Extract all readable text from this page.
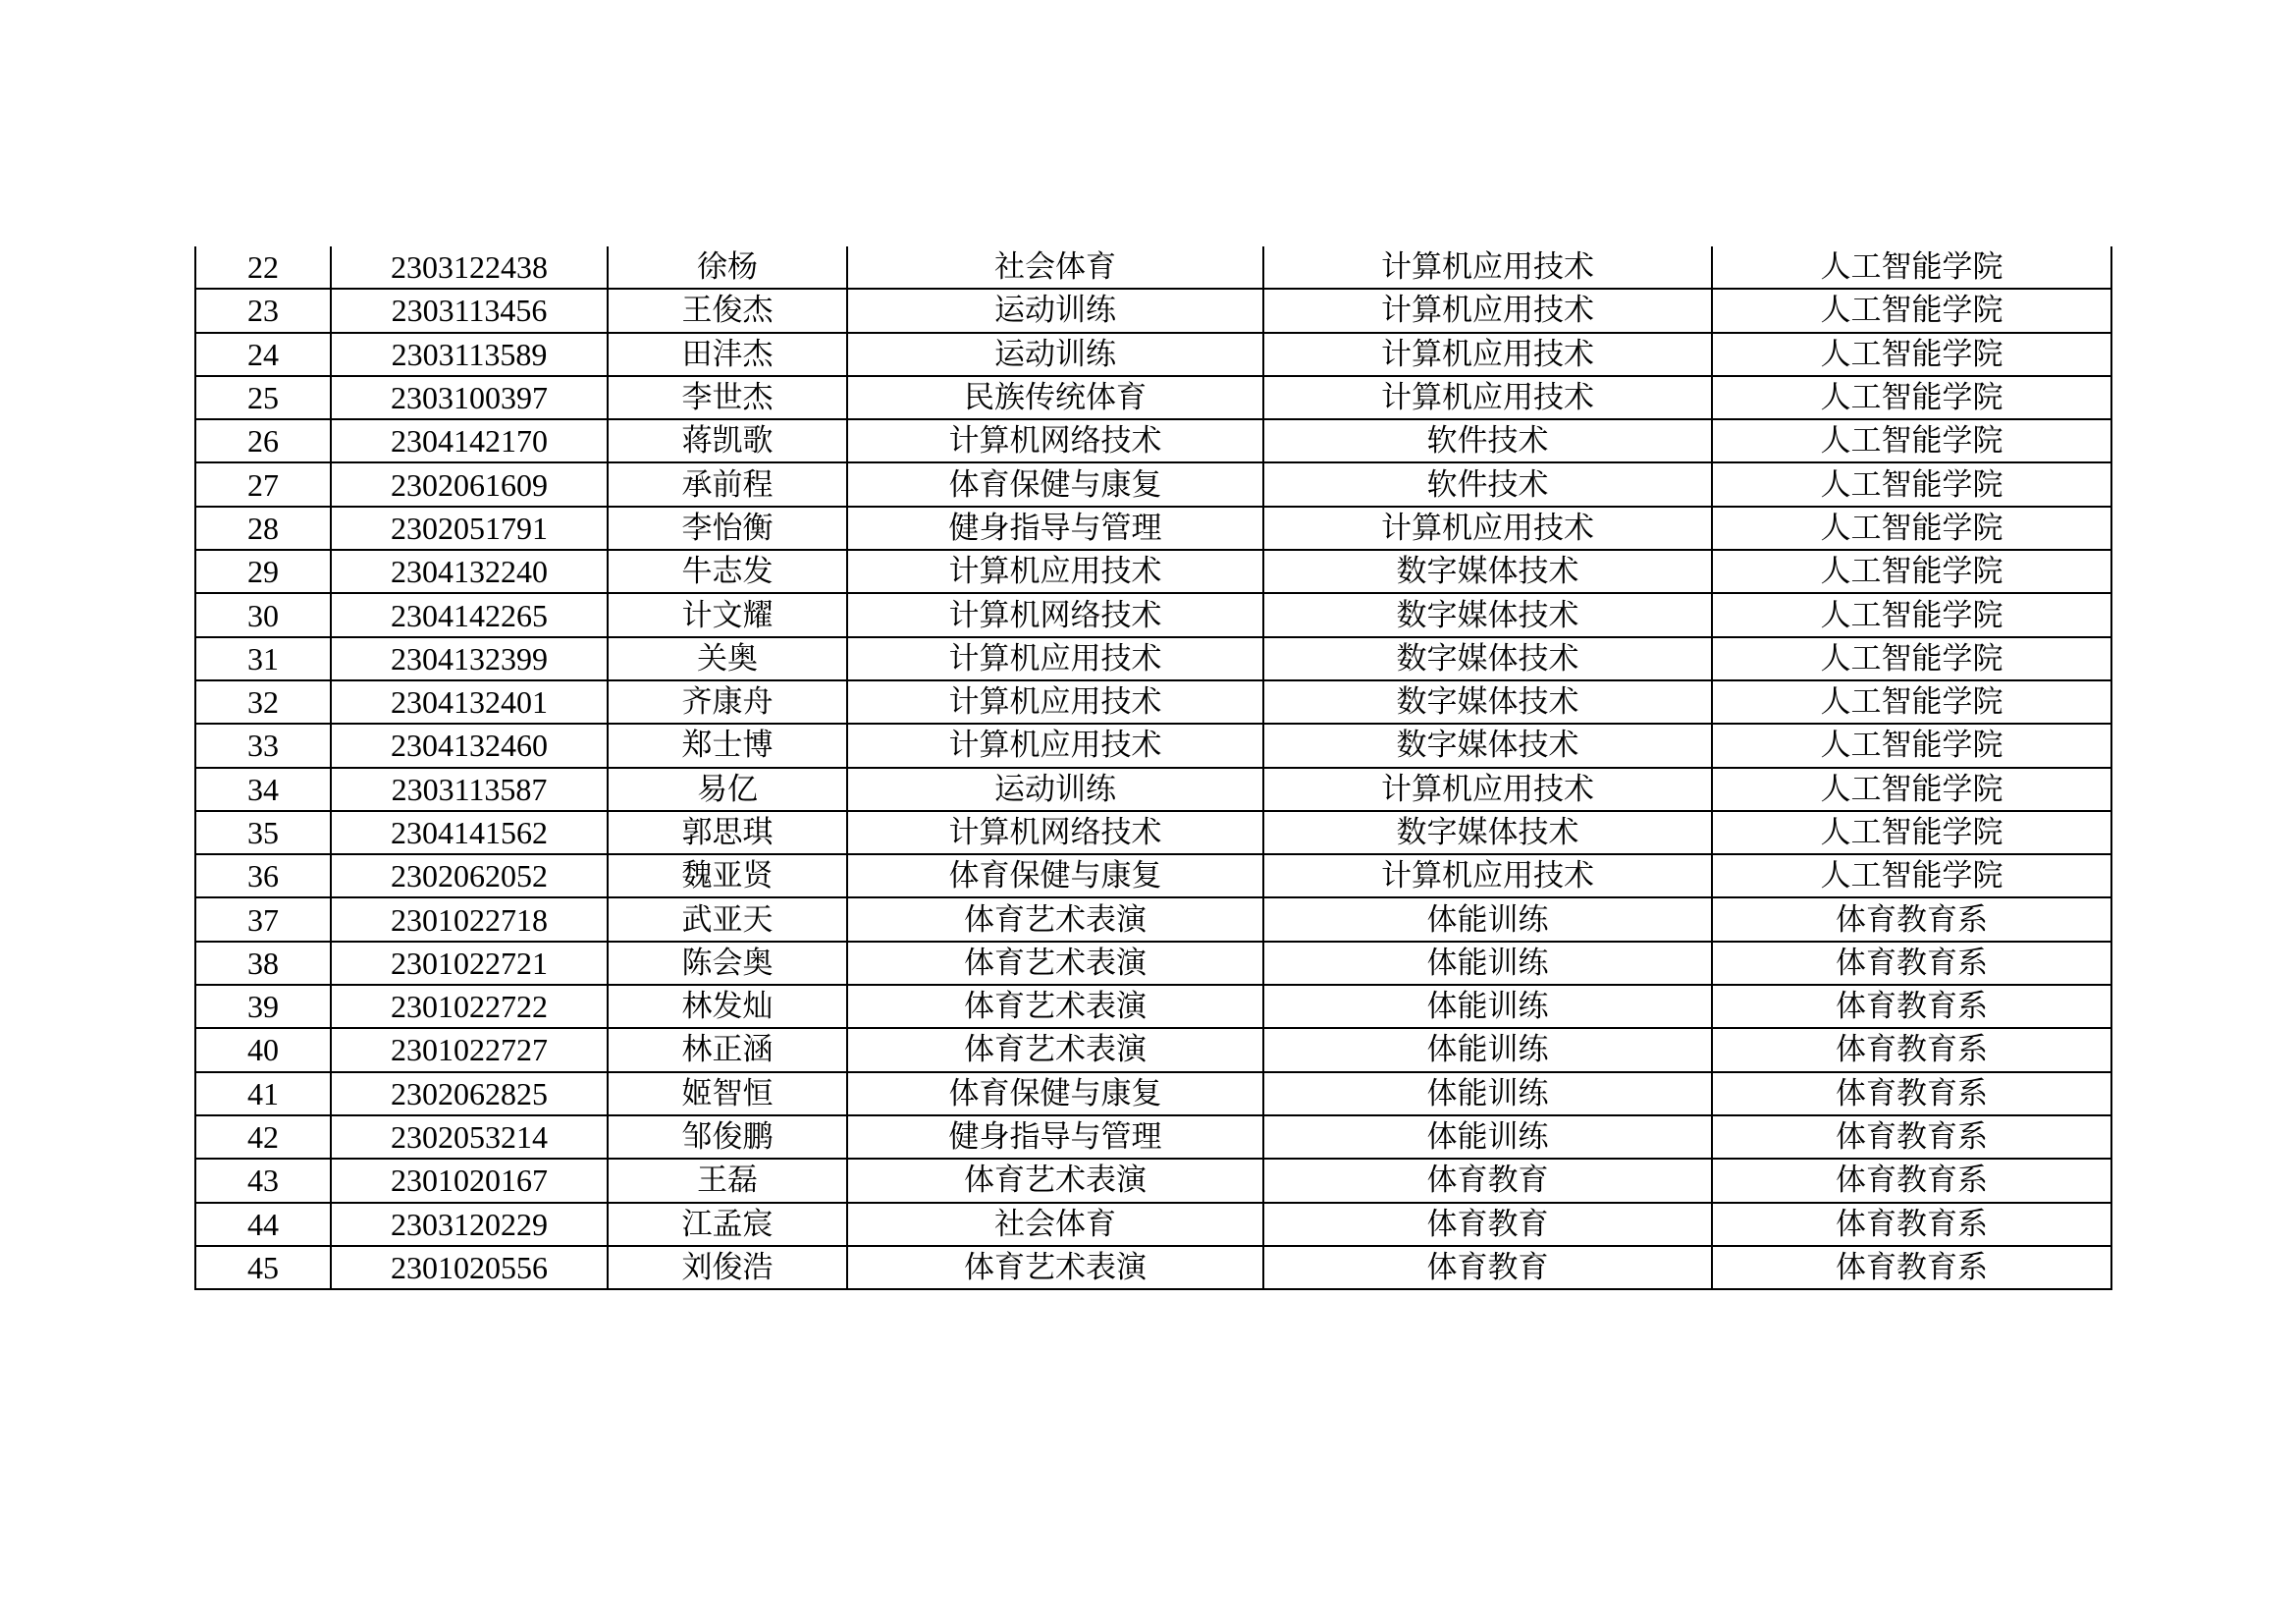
22	2303122438	徐杨	社会体育	计算机应用技术	人工智能学院
23	2303113456	王俊杰	运动训练	计算机应用技术	人工智能学院
24	2303113589	田沣杰	运动训练	计算机应用技术	人工智能学院
25	2303100397	李世杰	民族传统体育	计算机应用技术	人工智能学院
26	2304142170	蒋凯歌	计算机网络技术	软件技术	人工智能学院
27	2302061609	承前程	体育保健与康复	软件技术	人工智能学院
28	2302051791	李怡衡	健身指导与管理	计算机应用技术	人工智能学院
29	2304132240	牛志发	计算机应用技术	数字媒体技术	人工智能学院
30	2304142265	计文耀	计算机网络技术	数字媒体技术	人工智能学院
31	2304132399	关奥	计算机应用技术	数字媒体技术	人工智能学院
32	2304132401	齐康舟	计算机应用技术	数字媒体技术	人工智能学院
33	2304132460	郑士博	计算机应用技术	数字媒体技术	人工智能学院
34	2303113587	易亿	运动训练	计算机应用技术	人工智能学院
35	2304141562	郭思琪	计算机网络技术	数字媒体技术	人工智能学院
36	2302062052	魏亚贤	体育保健与康复	计算机应用技术	人工智能学院
37	2301022718	武亚天	体育艺术表演	体能训练	体育教育系
38	2301022721	陈会奥	体育艺术表演	体能训练	体育教育系
39	2301022722	林发灿	体育艺术表演	体能训练	体育教育系
40	2301022727	林正涵	体育艺术表演	体能训练	体育教育系
41	2302062825	姬智恒	体育保健与康复	体能训练	体育教育系
42	2302053214	邹俊鹏	健身指导与管理	体能训练	体育教育系
43	2301020167	王磊	体育艺术表演	体育教育	体育教育系
44	2303120229	江孟宸	社会体育	体育教育	体育教育系
45	2301020556	刘俊浩	体育艺术表演	体育教育	体育教育系
